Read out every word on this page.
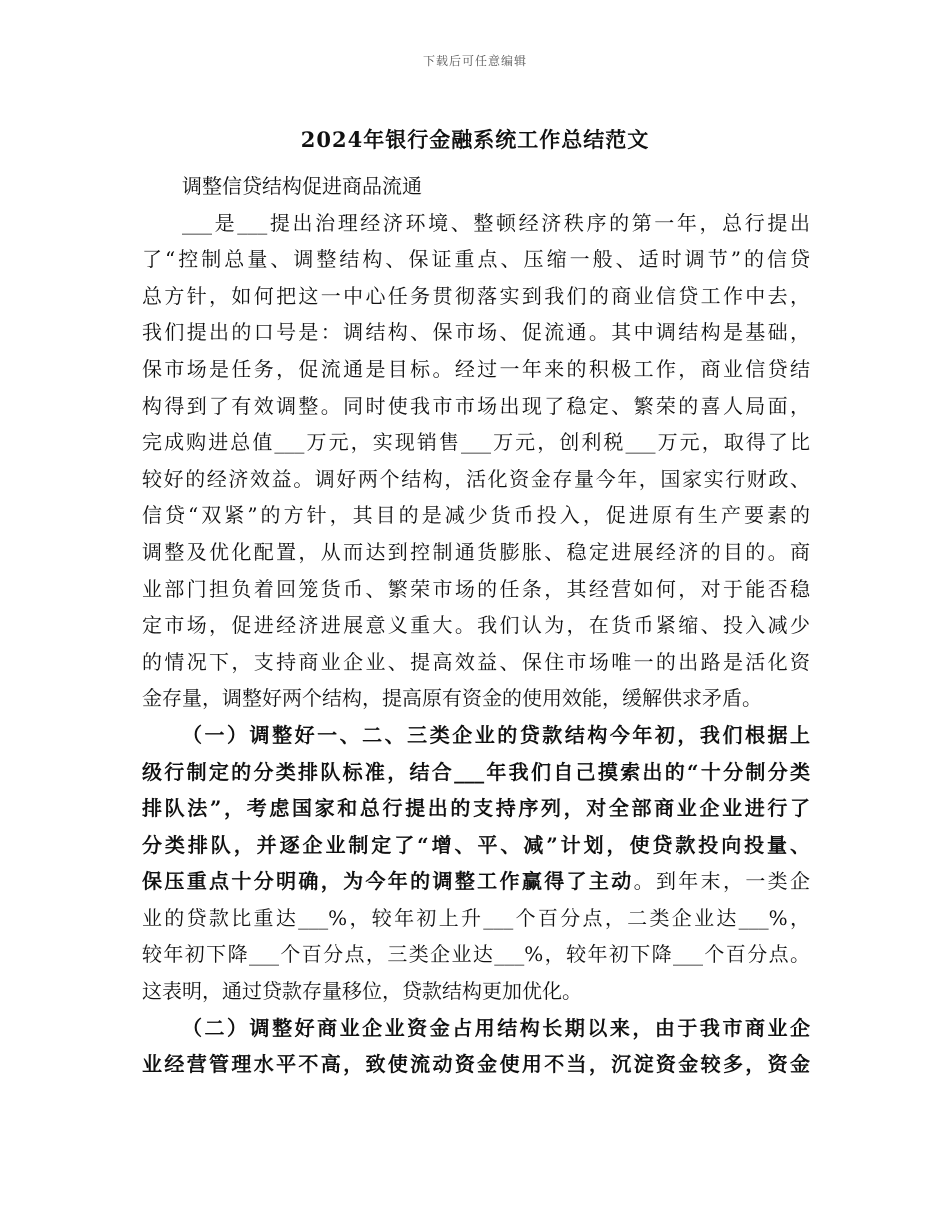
下载后可任意编辑
2024年银行金融系统工作总结范文
调整信贷结构促进商品流通
___是___提出治理经济环境、整顿经济秩序的第一年，总行提出
了“控制总量、调整结构、保证重点、压缩一般、适时调节”的信贷
总方针，如何把这一中心任务贯彻落实到我们的商业信贷工作中去，
我们提出的口号是：调结构、保市场、促流通。其中调结构是基础，
保市场是任务，促流通是目标。经过一年来的积极工作，商业信贷结
构得到了有效调整。同时使我市市场出现了稳定、繁荣的喜人局面，
完成购进总值___万元，实现销售___万元，创利税___万元，取得了比
较好的经济效益。调好两个结构，活化资金存量今年，国家实行财政、
信贷“双紧”的方针，其目的是减少货币投入，促进原有生产要素的
调整及优化配置，从而达到控制通货膨胀、稳定进展经济的目的。商
业部门担负着回笼货币、繁荣市场的任条，其经营如何，对于能否稳
定市场，促进经济进展意义重大。我们认为，在货币紧缩、投入减少
的情况下，支持商业企业、提高效益、保住市场唯一的出路是活化资
金存量，调整好两个结构，提高原有资金的使用效能，缓解供求矛盾。
（一）调整好一、二、三类企业的贷款结构今年初，我们根据上
级行制定的分类排队标准，结合___年我们自己摸索出的“十分制分类
排队法”，考虑国家和总行提出的支持序列，对全部商业企业进行了
分类排队，并逐企业制定了“增、平、减”计划，使贷款投向投量、
保压重点十分明确，为今年的调整工作赢得了主动。到年末，一类企
业的贷款比重达___%，较年初上升___个百分点，二类企业达___%，
较年初下降___个百分点，三类企业达___%，较年初下降___个百分点。
这表明，通过贷款存量移位，贷款结构更加优化。
（二）调整好商业企业资金占用结构长期以来，由于我市商业企
业经营管理水平不高，致使流动资金使用不当，沉淀资金较多，资金
